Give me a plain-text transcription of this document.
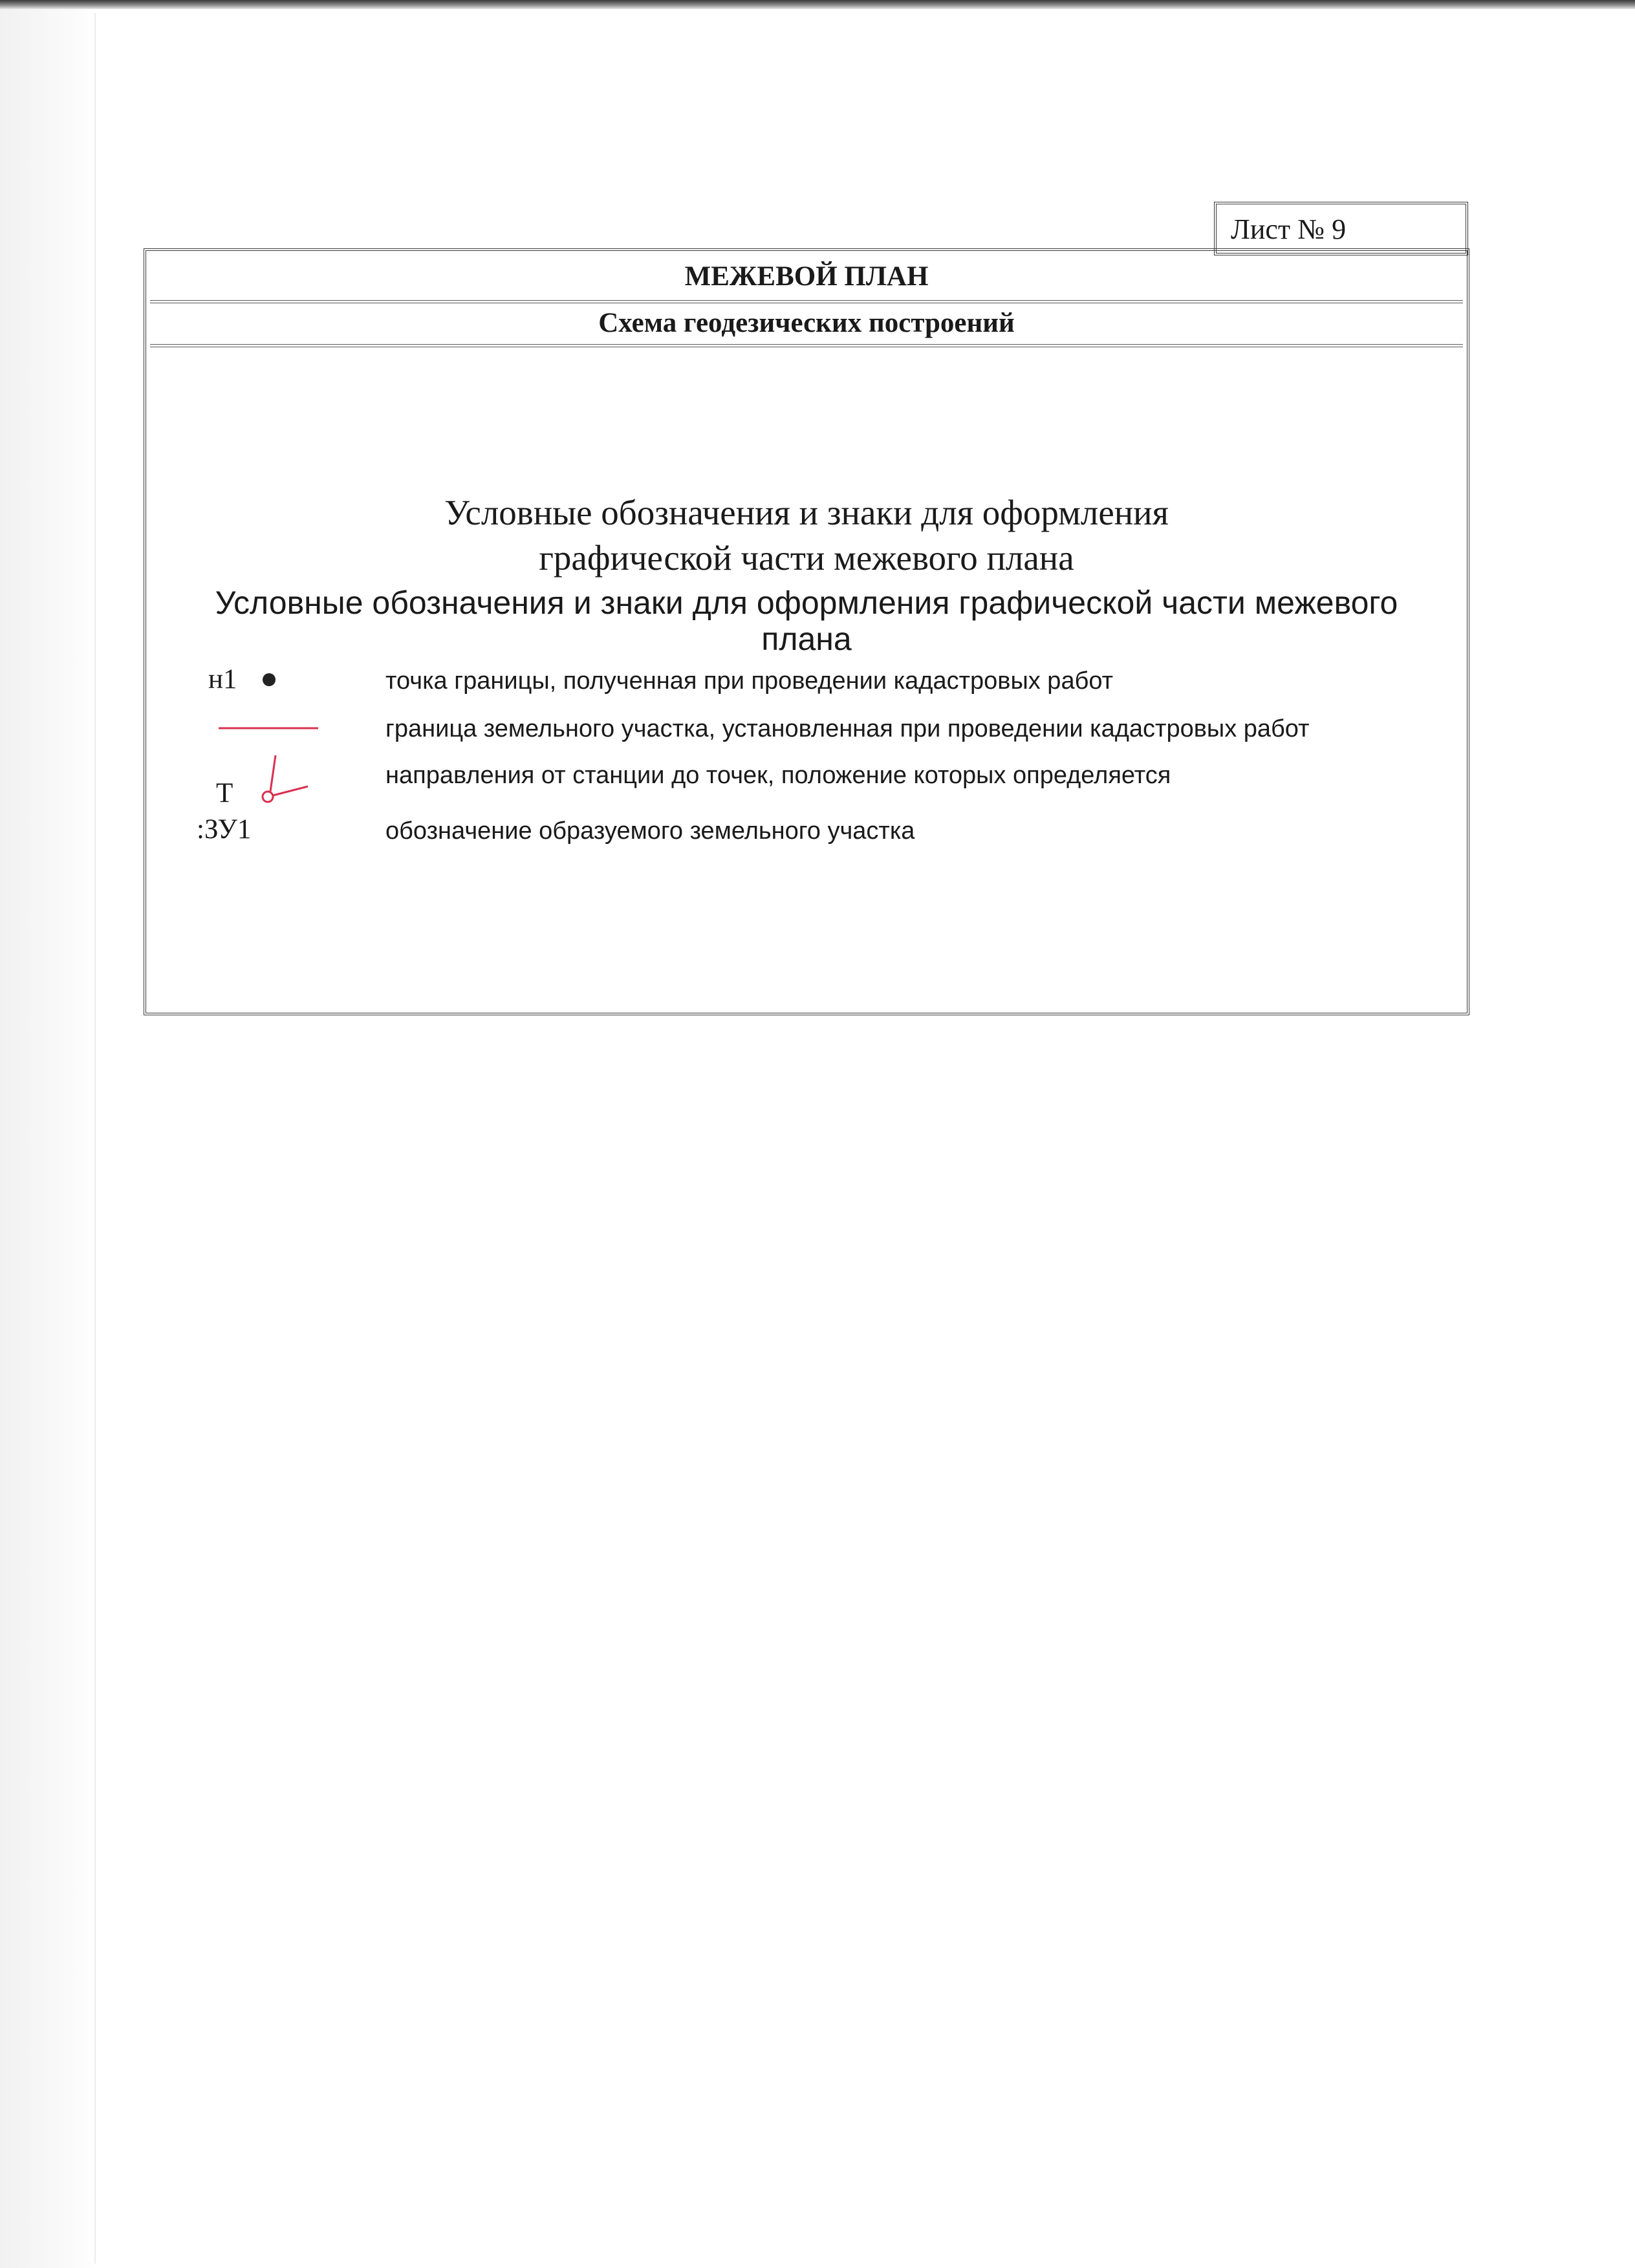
Лист № 9
МЕЖЕВОЙ ПЛАН
Схема геодезических построений
Условные обозначения и знаки для оформления
графической части межевого плана
Условные обозначения и знаки для оформления графической части межевого
плана
н1	точка границы, полученная при проведении кадастровых работ
граница земельного участка, установленная при проведении кадастровых работ
Т
направления от станции до точек, положение которых определяется
:ЗУ1	обозначение образуемого земельного участка
